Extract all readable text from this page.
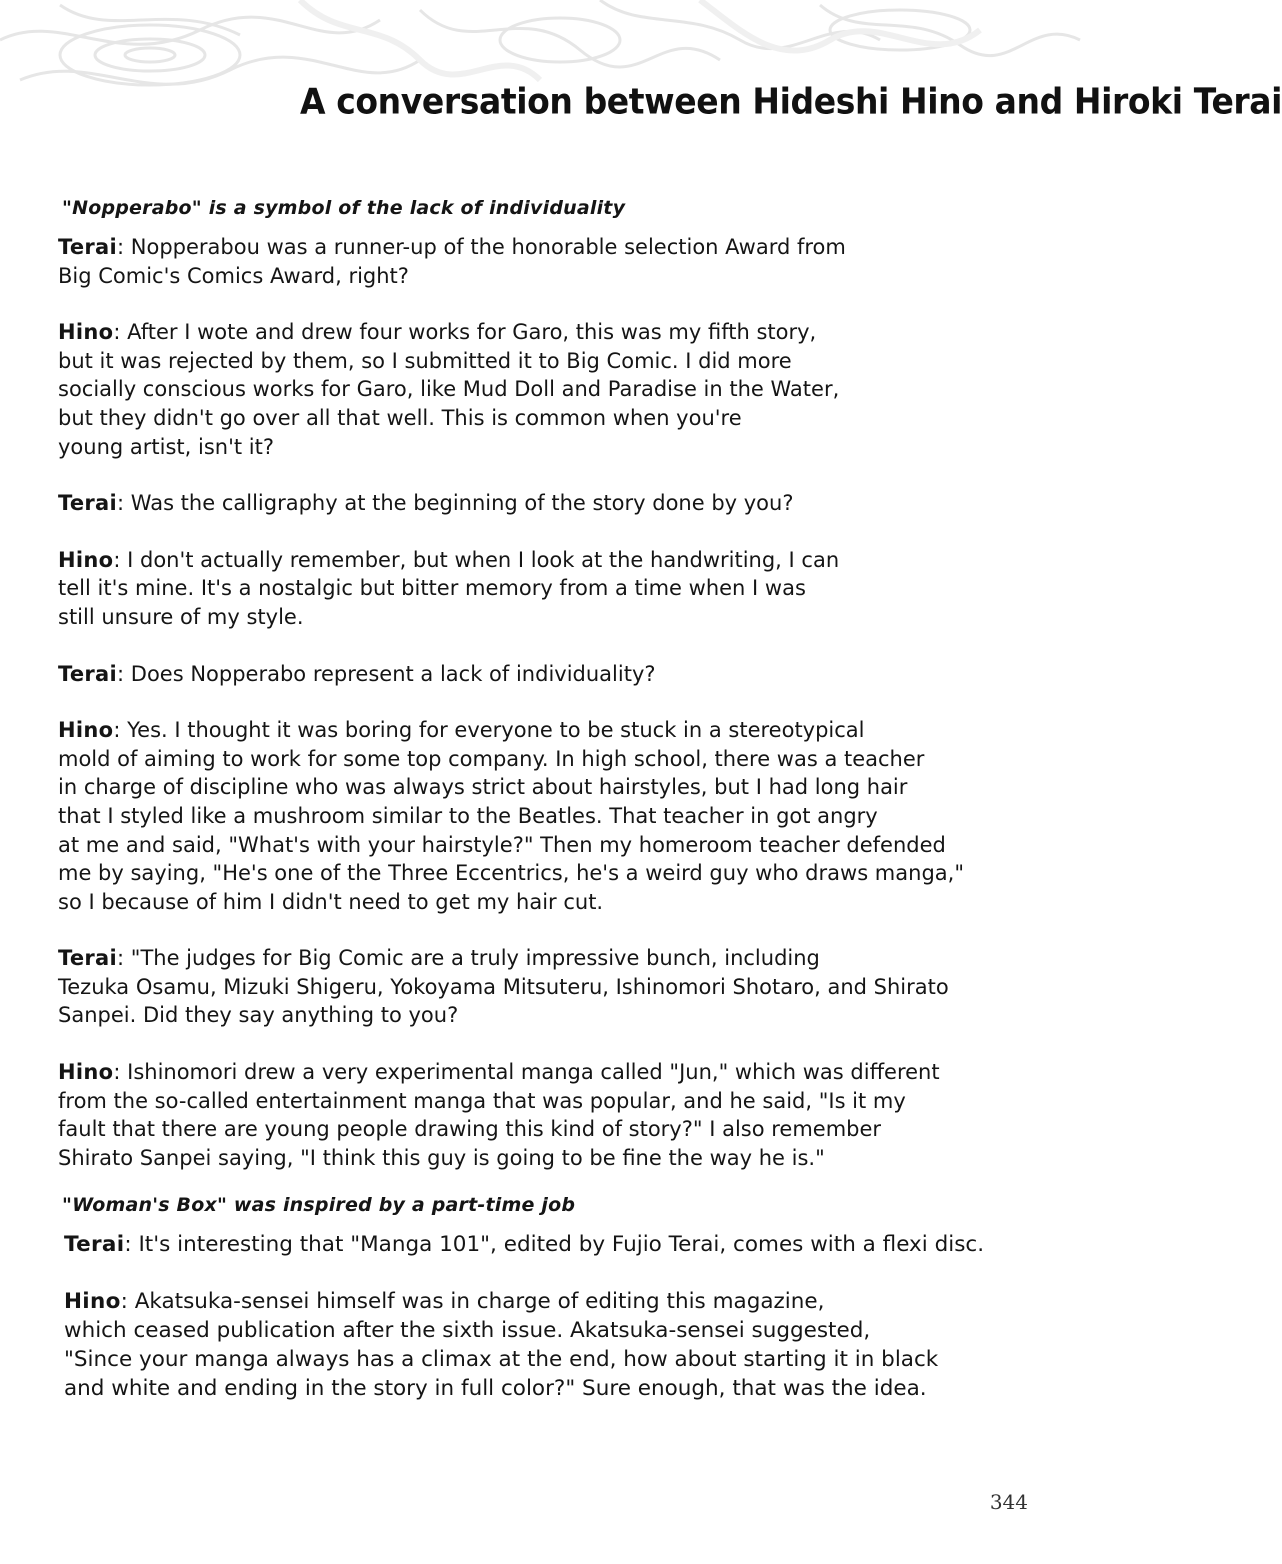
A conversation between Hideshi Hino and Hiroki Terai
"Nopperabo" is a symbol of the lack of individuality

Terai: Nopperabou was a runner-up of the honorable selection Award from
Big Comic's Comics Award, right?

Hino: After I wote and drew four works for Garo, this was my fifth story,
but it was rejected by them, so I submitted it to Big Comic. I did more
socially conscious works for Garo, like Mud Doll and Paradise in the Water,
but they didn't go over all that well. This is common when you're
young artist, isn't it?

Terai: Was the calligraphy at the beginning of the story done by you?

Hino: I don't actually remember, but when I look at the handwriting, I can
tell it's mine. It's a nostalgic but bitter memory from a time when I was
still unsure of my style.

Terai: Does Nopperabo represent a lack of individuality?

Hino: Yes. I thought it was boring for everyone to be stuck in a stereotypical
mold of aiming to work for some top company. In high school, there was a teacher
in charge of discipline who was always strict about hairstyles, but I had long hair
that I styled like a mushroom similar to the Beatles. That teacher in got angry
at me and said, "What's with your hairstyle?" Then my homeroom teacher defended
me by saying, "He's one of the Three Eccentrics, he's a weird guy who draws manga,"
so I because of him I didn't need to get my hair cut.

Terai: "The judges for Big Comic are a truly impressive bunch, including
Tezuka Osamu, Mizuki Shigeru, Yokoyama Mitsuteru, Ishinomori Shotaro, and Shirato
Sanpei. Did they say anything to you?

Hino: Ishinomori drew a very experimental manga called "Jun," which was different
from the so-called entertainment manga that was popular, and he said, "Is it my
fault that there are young people drawing this kind of story?" I also remember
Shirato Sanpei saying, "I think this guy is going to be fine the way he is."

"Woman's Box" was inspired by a part-time job

Terai: It's interesting that "Manga 101", edited by Fujio Terai, comes with a flexi disc.

Hino: Akatsuka-sensei himself was in charge of editing this magazine,
which ceased publication after the sixth issue. Akatsuka-sensei suggested,
"Since your manga always has a climax at the end, how about starting it in black
and white and ending in the story in full color?" Sure enough, that was the idea.

344
